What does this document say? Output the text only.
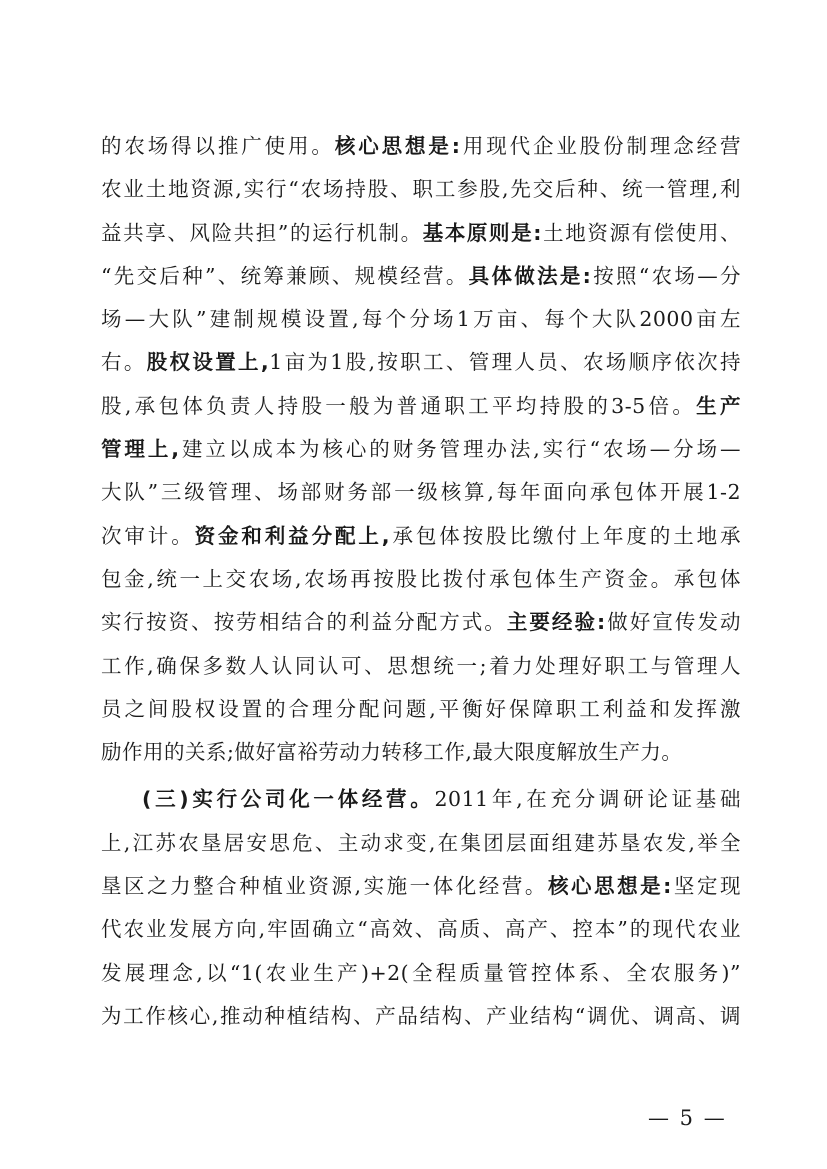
的农场得以推广使用。核心思想是:用现代企业股份制理念经营
农业土地资源,实行“农场持股、职工参股,先交后种、统一管理,利
益共享、风险共担”的运行机制。基本原则是:土地资源有偿使用、
“先交后种”、统筹兼顾、规模经营。具体做法是:按照“农场—分
场—大队”建制规模设置,每个分场1万亩、每个大队2000亩左
右。股权设置上,1亩为1股,按职工、管理人员、农场顺序依次持
股,承包体负责人持股一般为普通职工平均持股的3-5倍。生产
管理上,建立以成本为核心的财务管理办法,实行“农场—分场—
大队”三级管理、场部财务部一级核算,每年面向承包体开展1-2
次审计。资金和利益分配上,承包体按股比缴付上年度的土地承
包金,统一上交农场,农场再按股比拨付承包体生产资金。承包体
实行按资、按劳相结合的利益分配方式。主要经验:做好宣传发动
工作,确保多数人认同认可、思想统一;着力处理好职工与管理人
员之间股权设置的合理分配问题,平衡好保障职工利益和发挥激
励作用的关系;做好富裕劳动力转移工作,最大限度解放生产力。
(三)实行公司化一体经营。2011年,在充分调研论证基础
上,江苏农垦居安思危、主动求变,在集团层面组建苏垦农发,举全
垦区之力整合种植业资源,实施一体化经营。核心思想是:坚定现
代农业发展方向,牢固确立“高效、高质、高产、控本”的现代农业
发展理念,以“1(农业生产)+2(全程质量管控体系、全农服务)”
为工作核心,推动种植结构、产品结构、产业结构“调优、调高、调
— 5 —
